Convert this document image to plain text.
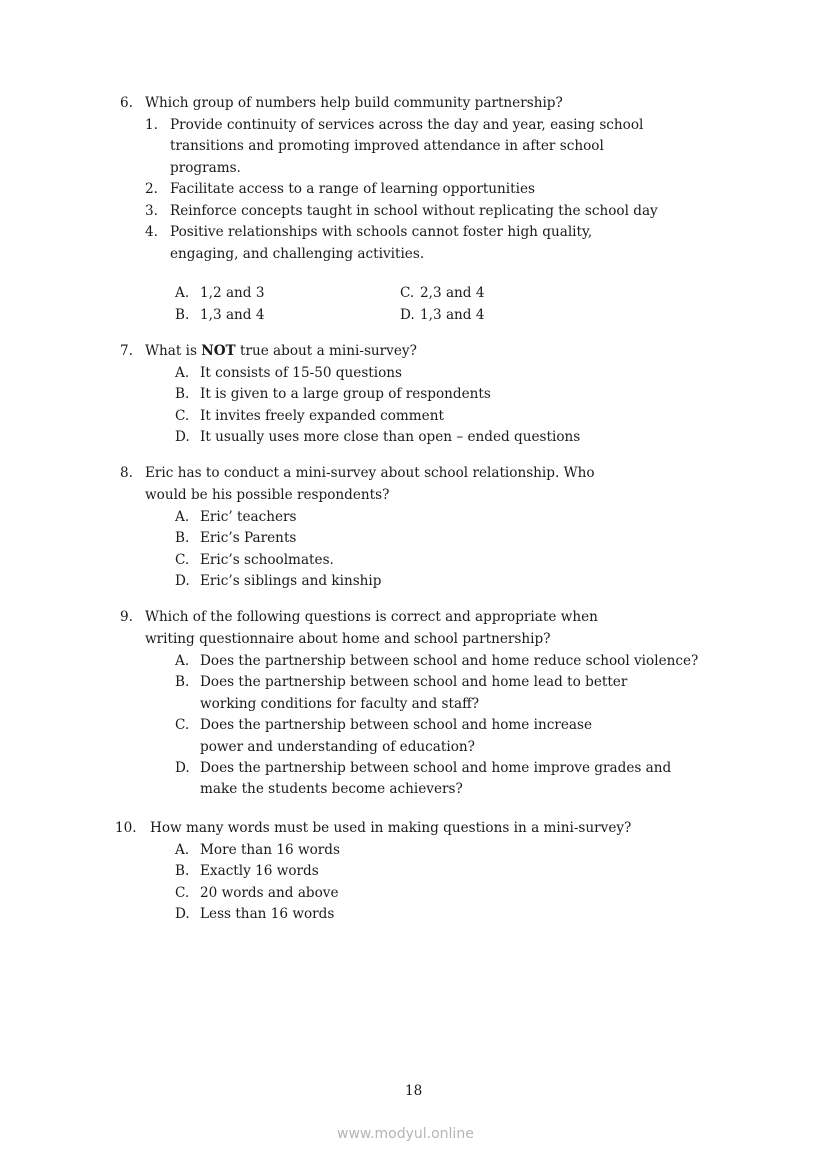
6. Which group of numbers help build community partnership?
1. Provide continuity of services across the day and year, easing school
transitions and promoting improved attendance in after school
programs.
2. Facilitate access to a range of learning opportunities
3. Reinforce concepts taught in school without replicating the school day
4. Positive relationships with schools cannot foster high quality,
engaging, and challenging activities.
A. 1,2 and 3
B. 1,3 and 4
C. 2,3 and 4
D. 1,3 and 4
7. What is NOT true about a mini-survey?
A. It consists of 15-50 questions
B. It is given to a large group of respondents
C. It invites freely expanded comment
D. It usually uses more close than open – ended questions
8. Eric has to conduct a mini-survey about school relationship. Who
would be his possible respondents?
A. Eric’ teachers
B. Eric’s Parents
C. Eric’s schoolmates.
D. Eric’s siblings and kinship
9. Which of the following questions is correct and appropriate when
writing questionnaire about home and school partnership?
A. Does the partnership between school and home reduce school violence?
B. Does the partnership between school and home lead to better
working conditions for faculty and staff?
C. Does the partnership between school and home increase
power and understanding of education?
D. Does the partnership between school and home improve grades and
make the students become achievers?
10. How many words must be used in making questions in a mini-survey?
A. More than 16 words
B. Exactly 16 words
C. 20 words and above
D. Less than 16 words
18
www.modyul.online
